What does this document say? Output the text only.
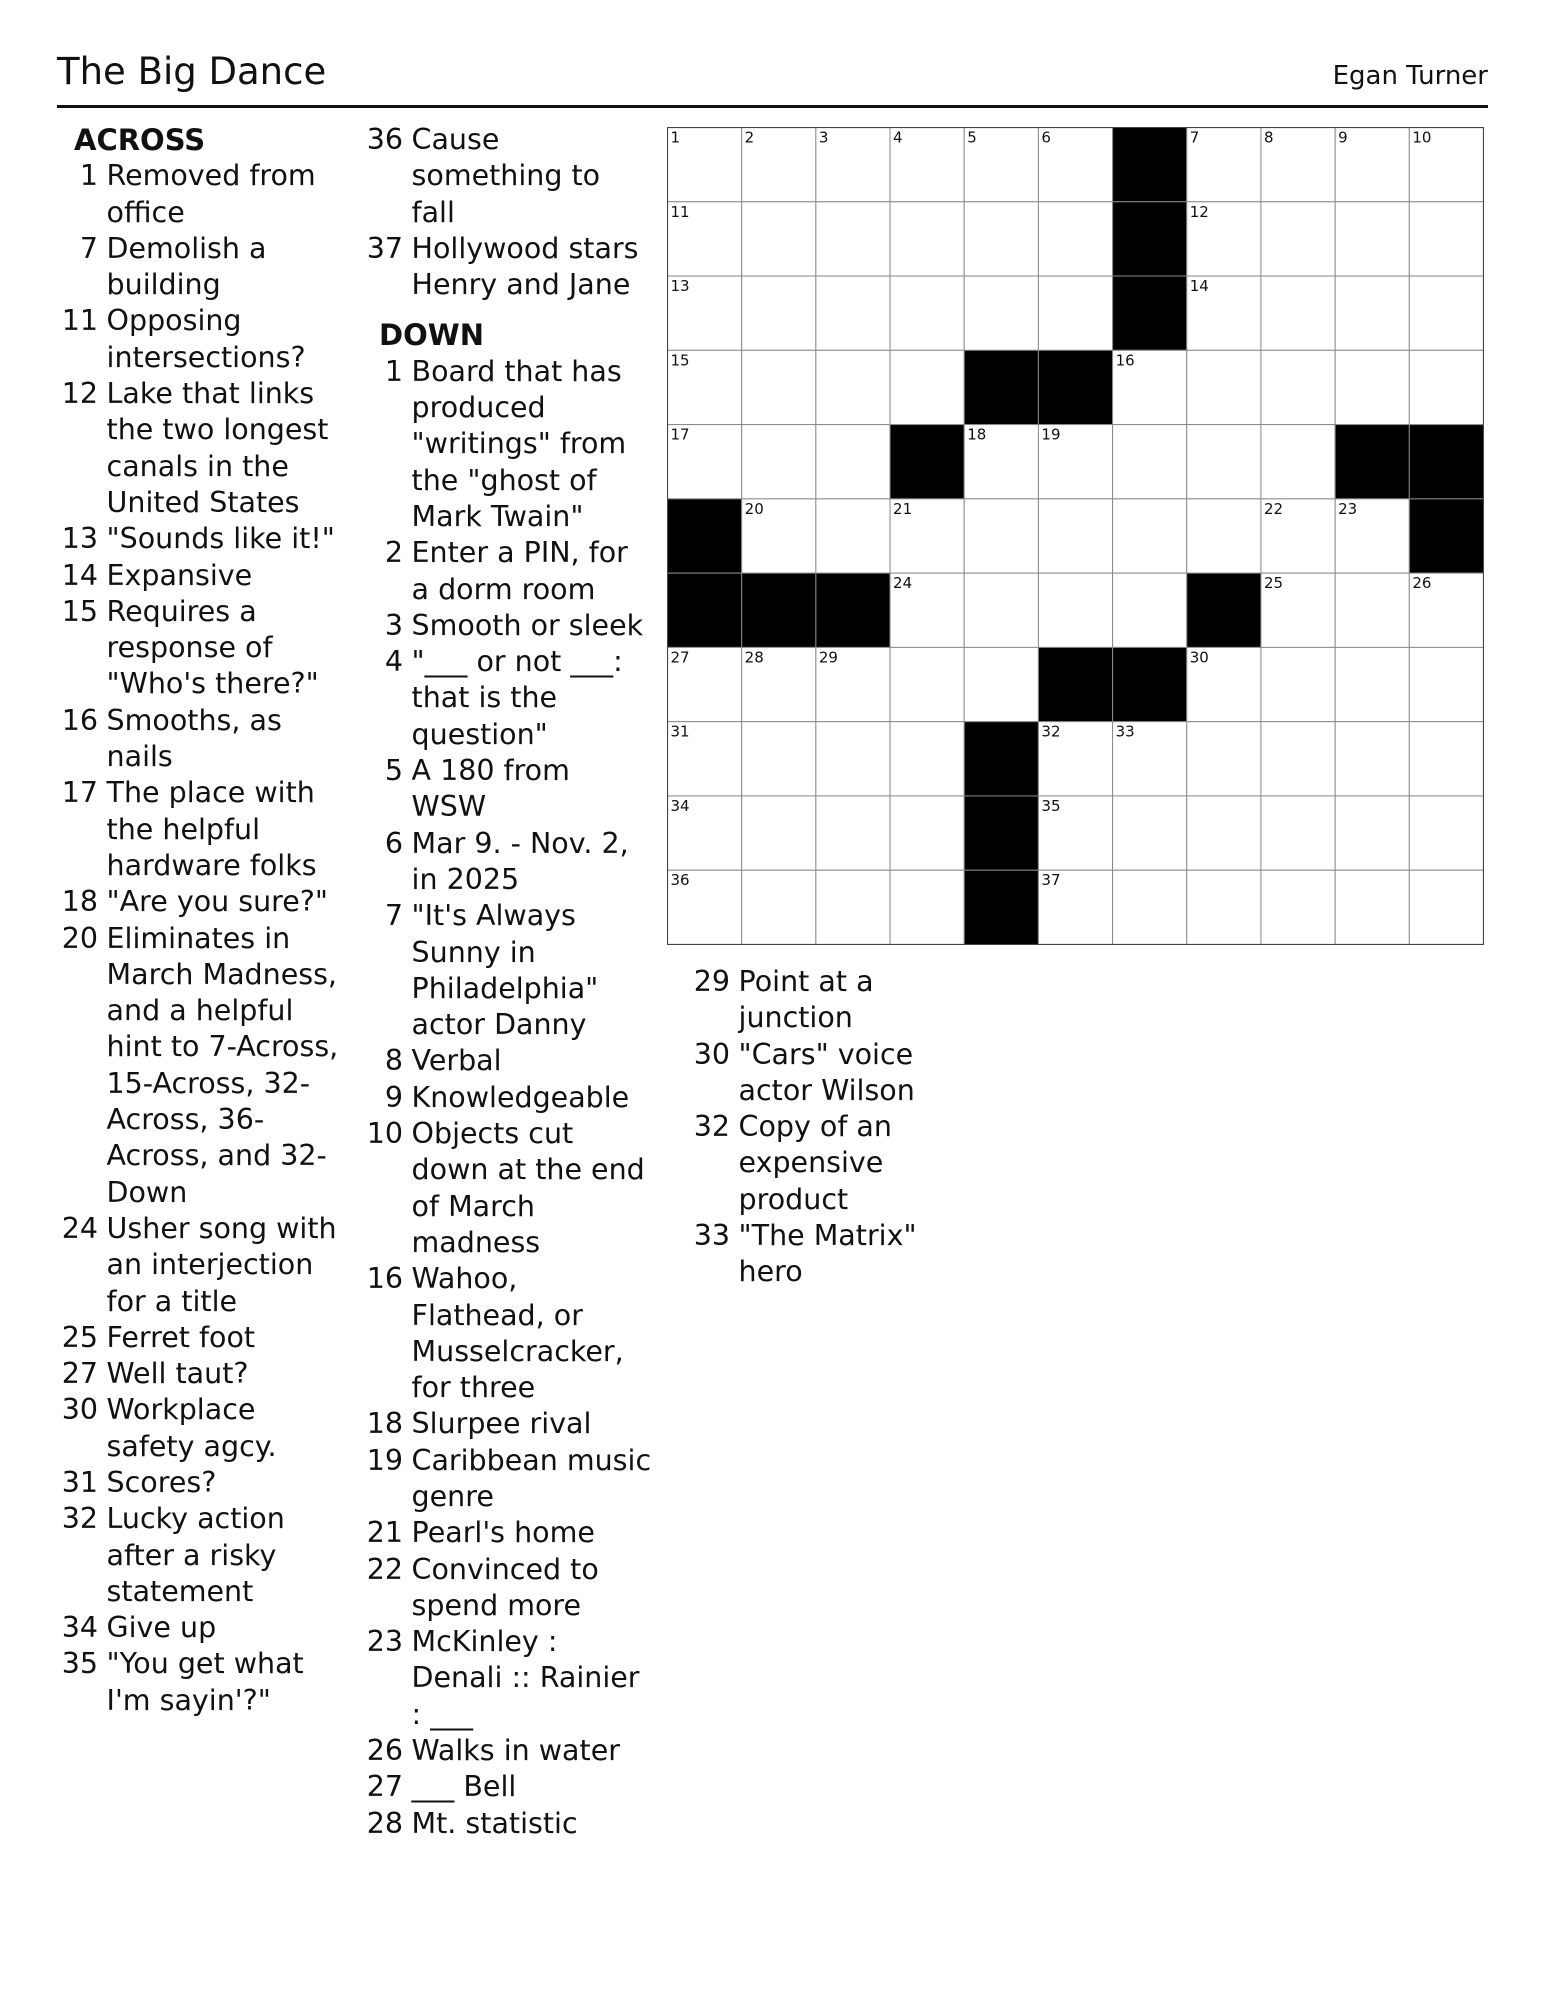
The Big Dance	Egan Turner
ACROSS
1 Removed from office
7 Demolish a building
11 Opposing intersections?
12 Lake that links the two longest canals in the United States
13 "Sounds like it!"
14 Expansive
15 Requires a response of "Who's there?"
16 Smooths, as nails
17 The place with the helpful hardware folks
18 "Are you sure?"
20 Eliminates in March Madness, and a helpful hint to 7-Across, 15-Across, 32-Across, 36-Across, and 32-Down
24 Usher song with an interjection for a title
25 Ferret foot
27 Well taut?
30 Workplace safety agcy.
31 Scores?
32 Lucky action after a risky statement
34 Give up
35 "You get what I'm sayin'?"
36 Cause something to fall
37 Hollywood stars Henry and Jane
DOWN
1 Board that has produced "writings" from the "ghost of Mark Twain"
2 Enter a PIN, for a dorm room
3 Smooth or sleek
4 "___ or not ___: that is the question"
5 A 180 from WSW
6 Mar 9. - Nov. 2, in 2025
7 "It's Always Sunny in Philadelphia" actor Danny
8 Verbal
9 Knowledgeable
10 Objects cut down at the end of March madness
16 Wahoo, Flathead, or Musselcracker, for three
18 Slurpee rival
19 Caribbean music genre
21 Pearl's home
22 Convinced to spend more
23 McKinley : Denali :: Rainier : ___
26 Walks in water
27 ___ Bell
28 Mt. statistic
29 Point at a junction
30 "Cars" voice actor Wilson
32 Copy of an expensive product
33 "The Matrix" hero
1	2	3	4	5	6	7	8	9	10
11	12
13	14
15	16
17	18	19
20	21	22	23
24	25	26
27	28	29	30
31	32	33
34	35
36	37
